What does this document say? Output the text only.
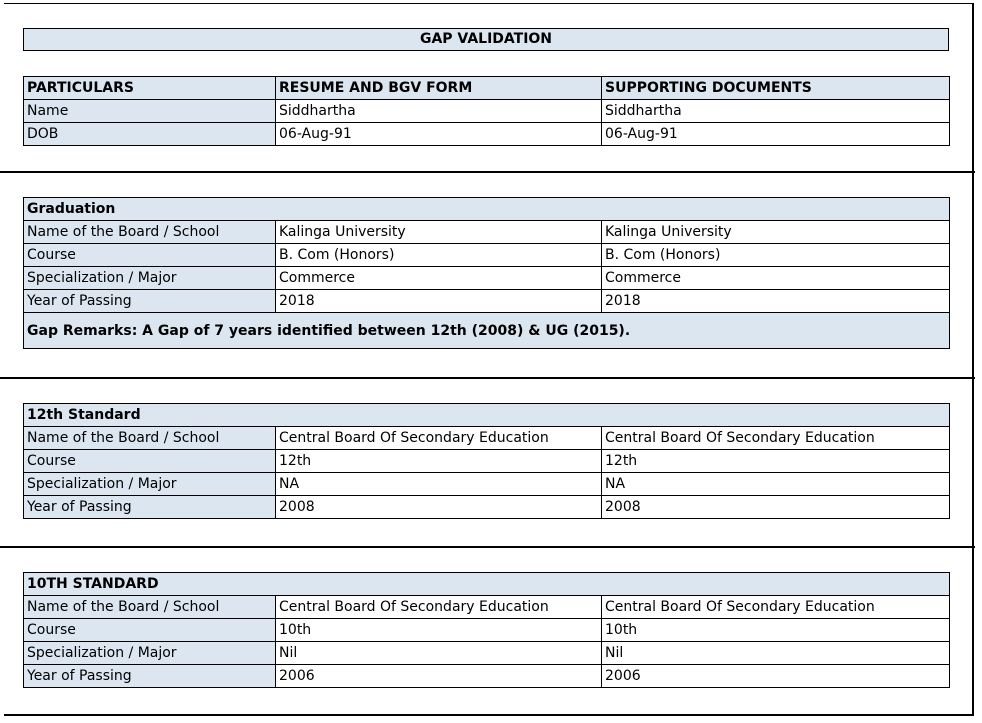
GAP VALIDATION
PARTICULARS	RESUME AND BGV FORM	SUPPORTING DOCUMENTS
Name	Siddhartha	Siddhartha
DOB	06-Aug-91	06-Aug-91
Graduation		
Name of the Board / School	Kalinga University	Kalinga University
Course	B. Com (Honors)	B. Com (Honors)
Specialization / Major	Commerce	Commerce
Year of Passing	2018	2018
Gap Remarks: A Gap of 7 years identified between 12th (2008) & UG (2015).		
12th Standard		
Name of the Board / School	Central Board Of Secondary Education	Central Board Of Secondary Education
Course	12th	12th
Specialization / Major	NA	NA
Year of Passing	2008	2008
10TH STANDARD		
Name of the Board / School	Central Board Of Secondary Education	Central Board Of Secondary Education
Course	10th	10th
Specialization / Major	Nil	Nil
Year of Passing	2006	2006
